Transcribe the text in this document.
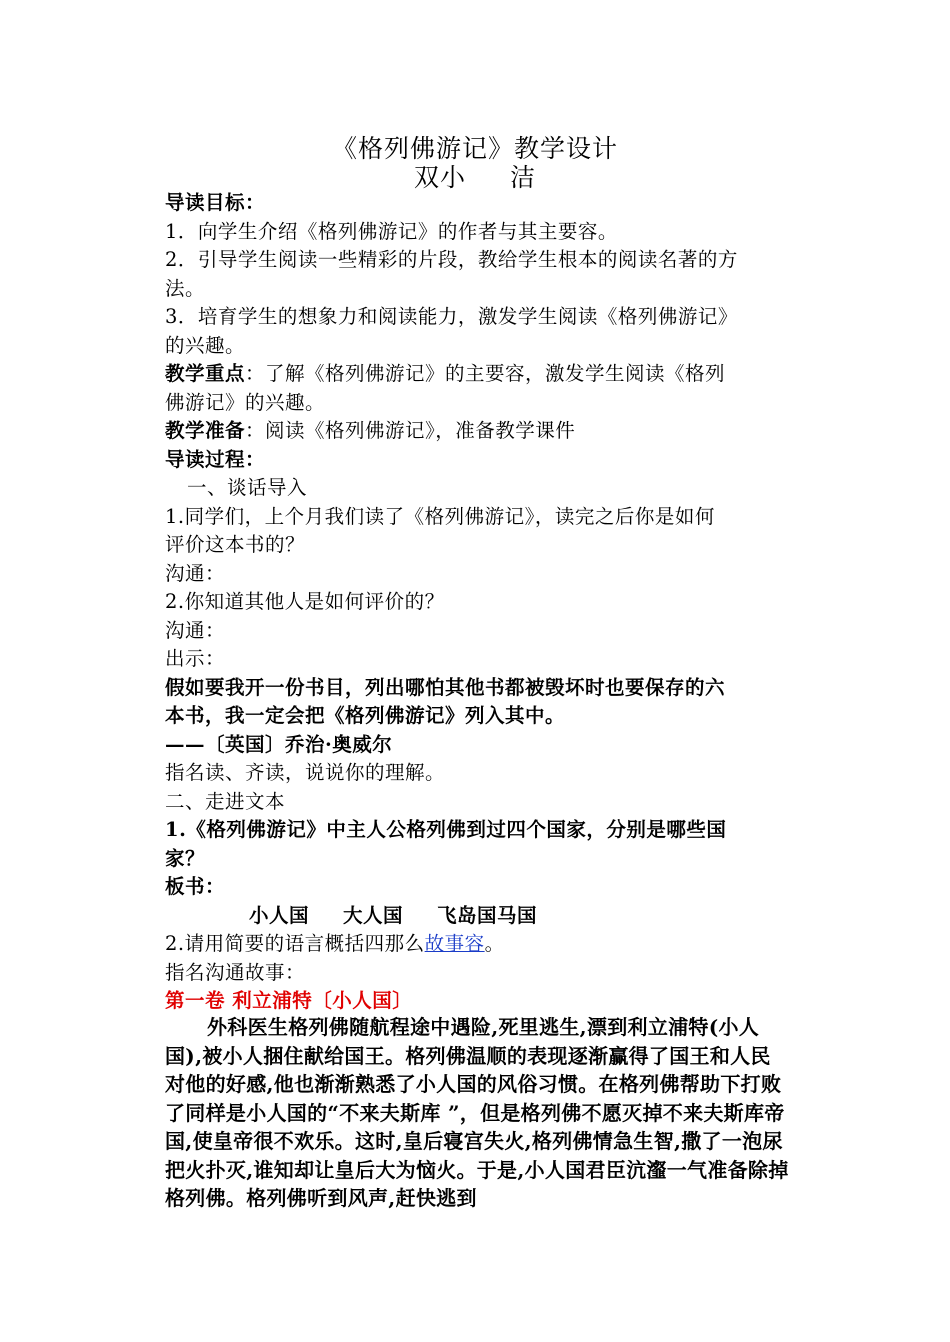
《格列佛游记》教学设计
双小 洁
导读目标：
1．向学生介绍《格列佛游记》的作者与其主要容。
2．引导学生阅读一些精彩的片段，教给学生根本的阅读名著的方
法。
3．培育学生的想象力和阅读能力，激发学生阅读《格列佛游记》
的兴趣。
教学重点：了解《格列佛游记》的主要容，激发学生阅读《格列
佛游记》的兴趣。
教学准备：阅读《格列佛游记》，准备教学课件
导读过程：
一、谈话导入
1.同学们，上个月我们读了《格列佛游记》，读完之后你是如何
评价这本书的？
沟通：
2.你知道其他人是如何评价的？
沟通：
出示：
假如要我开一份书目，列出哪怕其他书都被毁坏时也要保存的六
本书，我一定会把《格列佛游记》列入其中。
——〔英国〕乔治·奥威尔
指名读、齐读，说说你的理解。
二、走进文本
1.《格列佛游记》中主人公格列佛到过四个国家，分别是哪些国
家？
板书：
小人国 大人国 飞岛国马国
2.请用简要的语言概括四那么故事容。
指名沟通故事：
第一卷 利立浦特〔小人国〕
外科医生格列佛随航程途中遇险,死里逃生,漂到利立浦特(小人国),被小人捆住献给国王。格列佛温顺的表现逐渐赢得了国王和人民对他的好感,他也渐渐熟悉了小人国的风俗习惯。在格列佛帮助下打败了同样是小人国的“不来夫斯库 ”，但是格列佛不愿灭掉不来夫斯库帝国,使皇帝很不欢乐。这时,皇后寝宫失火,格列佛情急生智,撒了一泡尿把火扑灭,谁知却让皇后大为恼火。于是,小人国君臣沆瀣一气准备除掉格列佛。格列佛听到风声,赶快逃到
